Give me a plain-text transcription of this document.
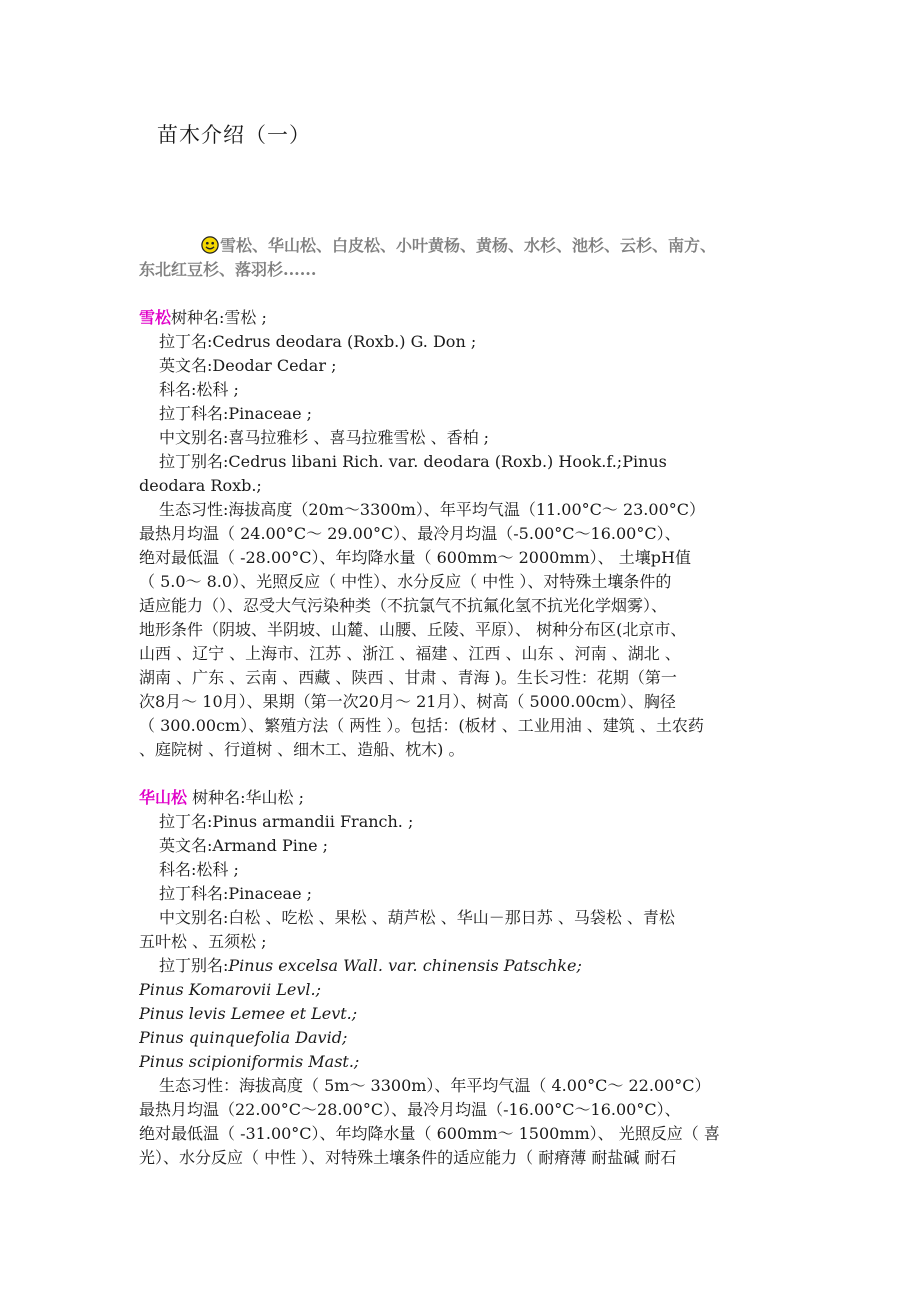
苗木介绍（一）
雪松、华山松、白皮松、小叶黄杨、黄杨、水杉、池杉、云杉、南方、
东北红豆杉、落羽杉......
雪松树种名:雪松 ;
拉丁名:Cedrus deodara (Roxb.) G. Don ;
英文名:Deodar Cedar ;
科名:松科 ;
拉丁科名:Pinaceae ;
中文别名:喜马拉雅杉 、喜马拉雅雪松 、香柏 ;
拉丁别名:Cedrus libani Rich. var. deodara (Roxb.) Hook.f.;Pinus
deodara Roxb.;
生态习性:海拔高度（20m～3300m）、年平均气温（11.00°C～ 23.00°C）
最热月均温（ 24.00°C～ 29.00°C）、最冷月均温（-5.00°C～16.00°C）、
绝对最低温（ -28.00°C）、年均降水量（ 600mm～ 2000mm）、 土壤pH值
（ 5.0～ 8.0）、光照反应（ 中性）、水分反应（ 中性 ）、对特殊土壤条件的
适应能力（）、忍受大气污染种类（不抗氯气不抗氟化氢不抗光化学烟雾）、
地形条件（阴坡、半阴坡、山麓、山腰、丘陵、平原）、 树种分布区(北京市、
山西 、辽宁 、上海市、江苏 、浙江 、福建 、江西 、山东 、河南 、湖北 、
湖南 、广东 、云南 、西藏 、陕西 、甘肃 、青海 )。生长习性：花期（第一
次8月～ 10月）、果期（第一次20月～ 21月）、树高（ 5000.00cm）、胸径
（ 300.00cm）、繁殖方法（ 两性 ）。包括：(板材 、工业用油 、建筑 、土农药
、庭院树 、行道树 、细木工、造船、枕木) 。
华山松 树种名:华山松 ;
拉丁名:Pinus armandii Franch. ;
英文名:Armand Pine ;
科名:松科 ;
拉丁科名:Pinaceae ;
中文别名:白松 、吃松 、果松 、葫芦松 、华山－那日苏 、马袋松 、青松
五叶松 、五须松 ;
拉丁别名:Pinus excelsa Wall. var. chinensis Patschke;
Pinus Komarovii Levl.;
Pinus levis Lemee et Levt.;
Pinus quinquefolia David;
Pinus scipioniformis Mast.;
生态习性：海拔高度（ 5m～ 3300m）、年平均气温（ 4.00°C～ 22.00°C）
最热月均温（22.00°C～28.00°C）、最冷月均温（-16.00°C～16.00°C）、
绝对最低温（ -31.00°C）、年均降水量（ 600mm～ 1500mm）、 光照反应（ 喜
光）、水分反应（ 中性 ）、对特殊土壤条件的适应能力（ 耐瘠薄 耐盐碱 耐石
